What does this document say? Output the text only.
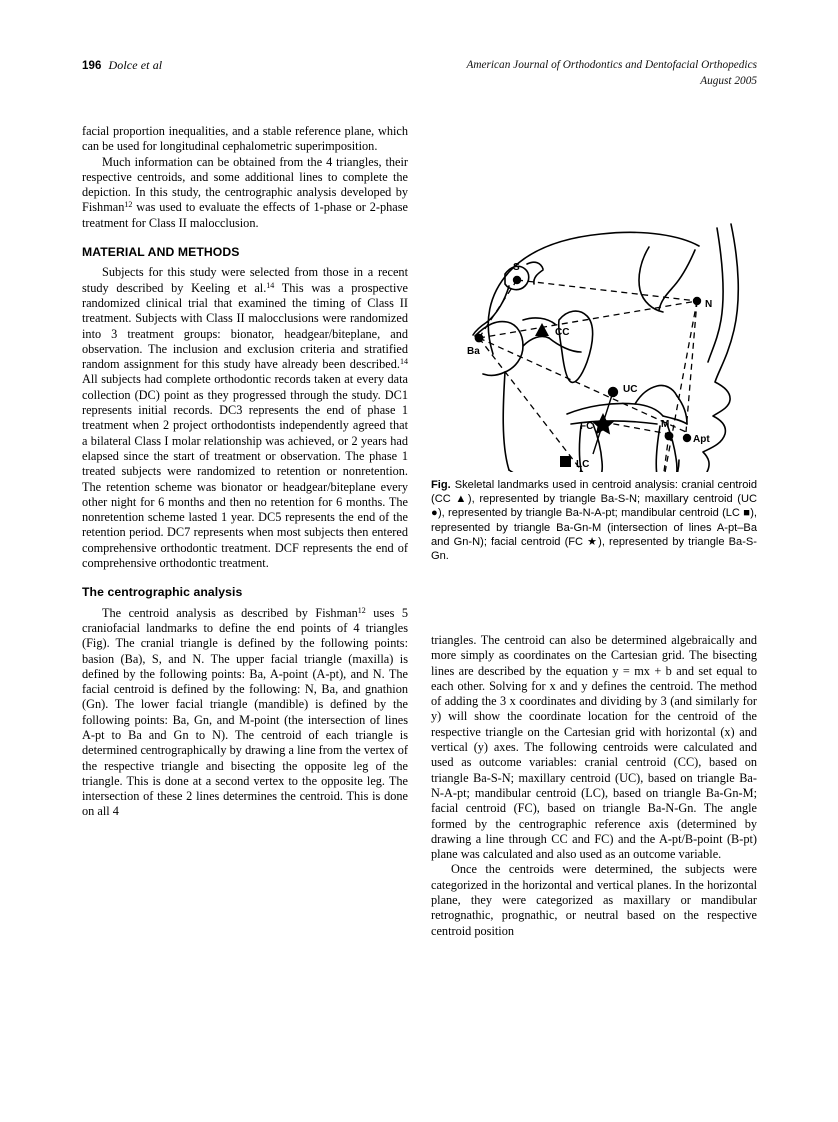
196 Dolce et al	American Journal of Orthodontics and Dentofacial Orthopedics
August 2005

facial proportion inequalities, and a stable reference plane, which can be used for longitudinal cephalometric superimposition.

Much information can be obtained from the 4 triangles, their respective centroids, and some additional lines to complete the depiction. In this study, the centrographic analysis developed by Fishman$^{12}$ was used to evaluate the effects of 1-phase or 2-phase treatment for Class II malocclusion.

MATERIAL AND METHODS

Subjects for this study were selected from those in a recent study described by Keeling et al.$^{14}$ This was a prospective randomized clinical trial that examined the timing of Class II treatment. Subjects with Class II malocclusions were randomized into 3 treatment groups: bionator, headgear/biteplane, and observation. The inclusion and exclusion criteria and stratified random assignment for this study have already been described.$^{14}$ All subjects had complete orthodontic records taken at every data collection (DC) point as they progressed through the study. DC1 represents initial records. DC3 represents the end of phase 1 treatment when 2 project orthodontists independently agreed that a bilateral Class I molar relationship was achieved, or 2 years had elapsed since the start of treatment or observation. The phase 1 treated subjects were randomized to retention or nonretention. The retention scheme was bionator or headgear/biteplane every other night for 6 months and then no retention for 6 months. The nonretention scheme lasted 1 year. DC5 represents the end of the retention period. DC7 represents when most subjects then entered comprehensive orthodontic treatment. DCF represents the end of comprehensive orthodontic treatment.

The centrographic analysis

The centroid analysis as described by Fishman$^{12}$ uses 5 craniofacial landmarks to define the end points of 4 triangles (Fig). The cranial triangle is defined by the following points: basion (Ba), S, and N. The upper facial triangle (maxilla) is defined by the following points: Ba, A-point (A-pt), and N. The facial centroid is defined by the following: N, Ba, and gnathion (Gn). The lower facial triangle (mandible) is defined by the following points: Ba, Gn, and M-point (the intersection of lines A-pt to Ba and Gn to N). The centroid of each triangle is determined centrographically by drawing a line from the vertex of the respective triangle and bisecting the opposite leg of the triangle. This is done at a second vertex to the opposite leg. The intersection of these 2 lines determines the centroid. This is done on all 4

S
N
Ba
CC
UC
FC
LC
M
Apt
Fig. Skeletal landmarks used in centroid analysis: cranial centroid (CC ▲), represented by triangle Ba-S-N; maxillary centroid (UC ●), represented by triangle Ba-N-A-pt; mandibular centroid (LC ■), represented by triangle Ba-Gn-M (intersection of lines A-pt–Ba and Gn-N); facial centroid (FC ★), represented by triangle Ba-S-Gn.

triangles. The centroid can also be determined algebraically and more simply as coordinates on the Cartesian grid. The bisecting lines are described by the equation y = mx + b and set equal to each other. Solving for x and y defines the centroid. The method of adding the 3 x coordinates and dividing by 3 (and similarly for y) will show the coordinate location for the centroid of the respective triangle on the Cartesian grid with horizontal (x) and vertical (y) axes. The following centroids were calculated and used as outcome variables: cranial centroid (CC), based on triangle Ba-S-N; maxillary centroid (UC), based on triangle Ba-N-A-pt; mandibular centroid (LC), based on triangle Ba-Gn-M; facial centroid (FC), based on triangle Ba-N-Gn. The angle formed by the centrographic reference axis (determined by drawing a line through CC and FC) and the A-pt/B-point (B-pt) plane was calculated and also used as an outcome variable.

Once the centroids were determined, the subjects were categorized in the horizontal and vertical planes. In the horizontal plane, they were categorized as maxillary or mandibular retrognathic, prognathic, or neutral based on the respective centroid position
